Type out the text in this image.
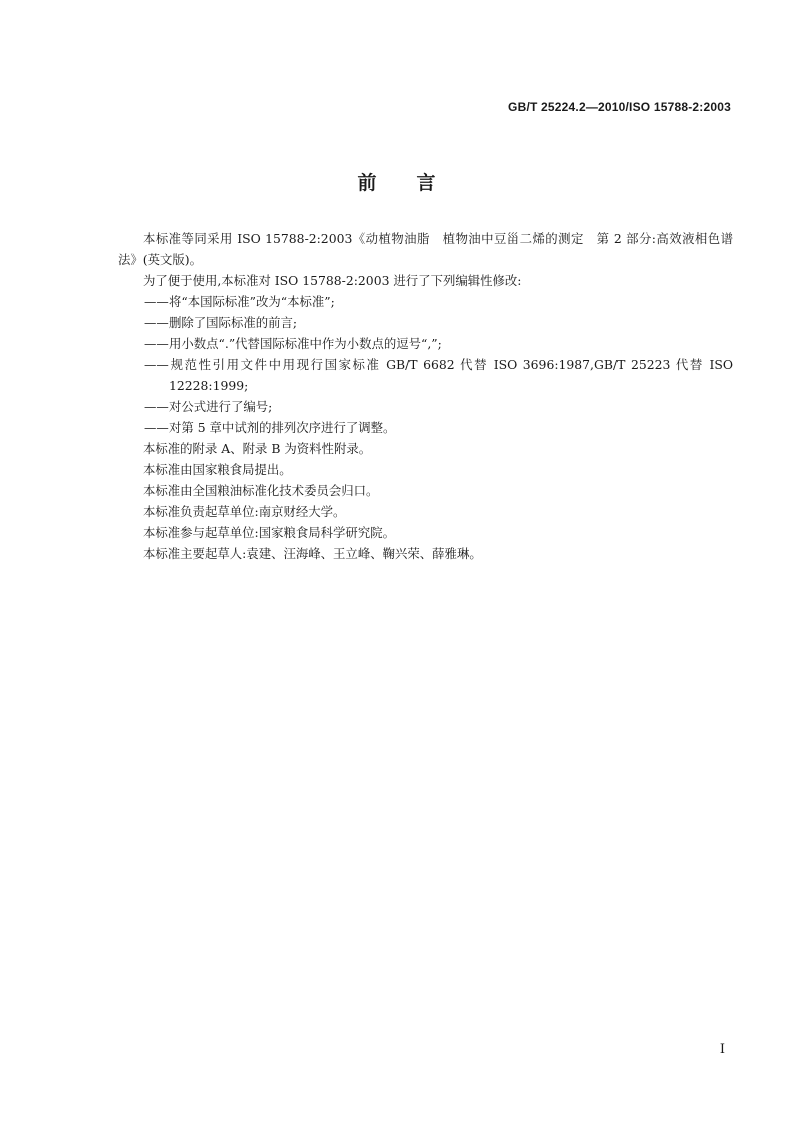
GB/T 25224.2—2010/ISO 15788-2:2003
前言

本标准等同采用 ISO 15788-2:2003《动植物油脂　植物油中豆甾二烯的测定　第 2 部分:高效液相色谱法》(英文版)。

为了便于使用,本标准对 ISO 15788-2:2003 进行了下列编辑性修改:

——将“本国际标准”改为“本标准”;

——删除了国际标准的前言;

——用小数点“.”代替国际标准中作为小数点的逗号“,”;

——规范性引用文件中用现行国家标准 GB/T 6682 代替 ISO 3696:1987,GB/T 25223 代替 ISO 12228:1999;

——对公式进行了编号;

——对第 5 章中试剂的排列次序进行了调整。

本标准的附录 A、附录 B 为资料性附录。

本标准由国家粮食局提出。

本标准由全国粮油标准化技术委员会归口。

本标准负责起草单位:南京财经大学。

本标准参与起草单位:国家粮食局科学研究院。

本标准主要起草人:袁建、汪海峰、王立峰、鞠兴荣、薛雅琳。

I
